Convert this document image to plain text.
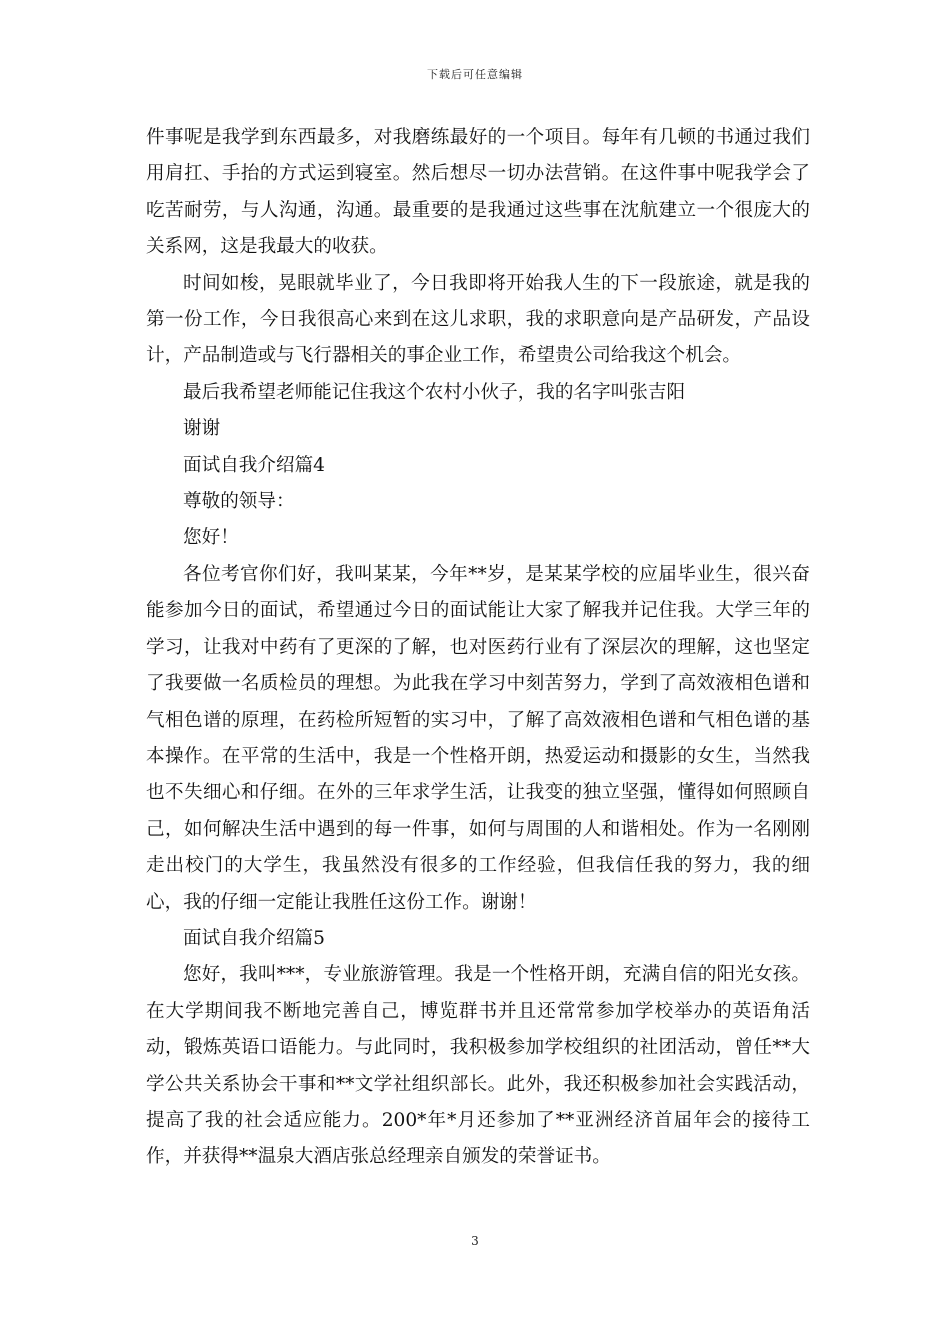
下载后可任意编辑

件事呢是我学到东西最多，对我磨练最好的一个项目。每年有几顿的书通过我们用肩扛、手抬的方式运到寝室。然后想尽一切办法营销。在这件事中呢我学会了吃苦耐劳，与人沟通，沟通。最重要的是我通过这些事在沈航建立一个很庞大的关系网，这是我最大的收获。

时间如梭，晃眼就毕业了，今日我即将开始我人生的下一段旅途，就是我的第一份工作，今日我很高心来到在这儿求职，我的求职意向是产品研发，产品设计，产品制造或与飞行器相关的事企业工作，希望贵公司给我这个机会。

最后我希望老师能记住我这个农村小伙子，我的名字叫张吉阳

谢谢

面试自我介绍篇4

尊敬的领导：

您好！

各位考官你们好，我叫某某，今年**岁，是某某学校的应届毕业生，很兴奋能参加今日的面试，希望通过今日的面试能让大家了解我并记住我。大学三年的学习，让我对中药有了更深的了解，也对医药行业有了深层次的理解，这也坚定了我要做一名质检员的理想。为此我在学习中刻苦努力，学到了高效液相色谱和气相色谱的原理，在药检所短暂的实习中，了解了高效液相色谱和气相色谱的基本操作。在平常的生活中，我是一个性格开朗，热爱运动和摄影的女生，当然我也不失细心和仔细。在外的三年求学生活，让我变的独立坚强，懂得如何照顾自己，如何解决生活中遇到的每一件事，如何与周围的人和谐相处。作为一名刚刚走出校门的大学生，我虽然没有很多的工作经验，但我信任我的努力，我的细心，我的仔细一定能让我胜任这份工作。谢谢！

面试自我介绍篇5

您好，我叫***，专业旅游管理。我是一个性格开朗，充满自信的阳光女孩。在大学期间我不断地完善自己，博览群书并且还常常参加学校举办的英语角活动，锻炼英语口语能力。与此同时，我积极参加学校组织的社团活动，曾任**大学公共关系协会干事和**文学社组织部长。此外，我还积极参加社会实践活动，提高了我的社会适应能力。200*年*月还参加了**亚洲经济首届年会的接待工作，并获得**温泉大酒店张总经理亲自颁发的荣誉证书。

3
